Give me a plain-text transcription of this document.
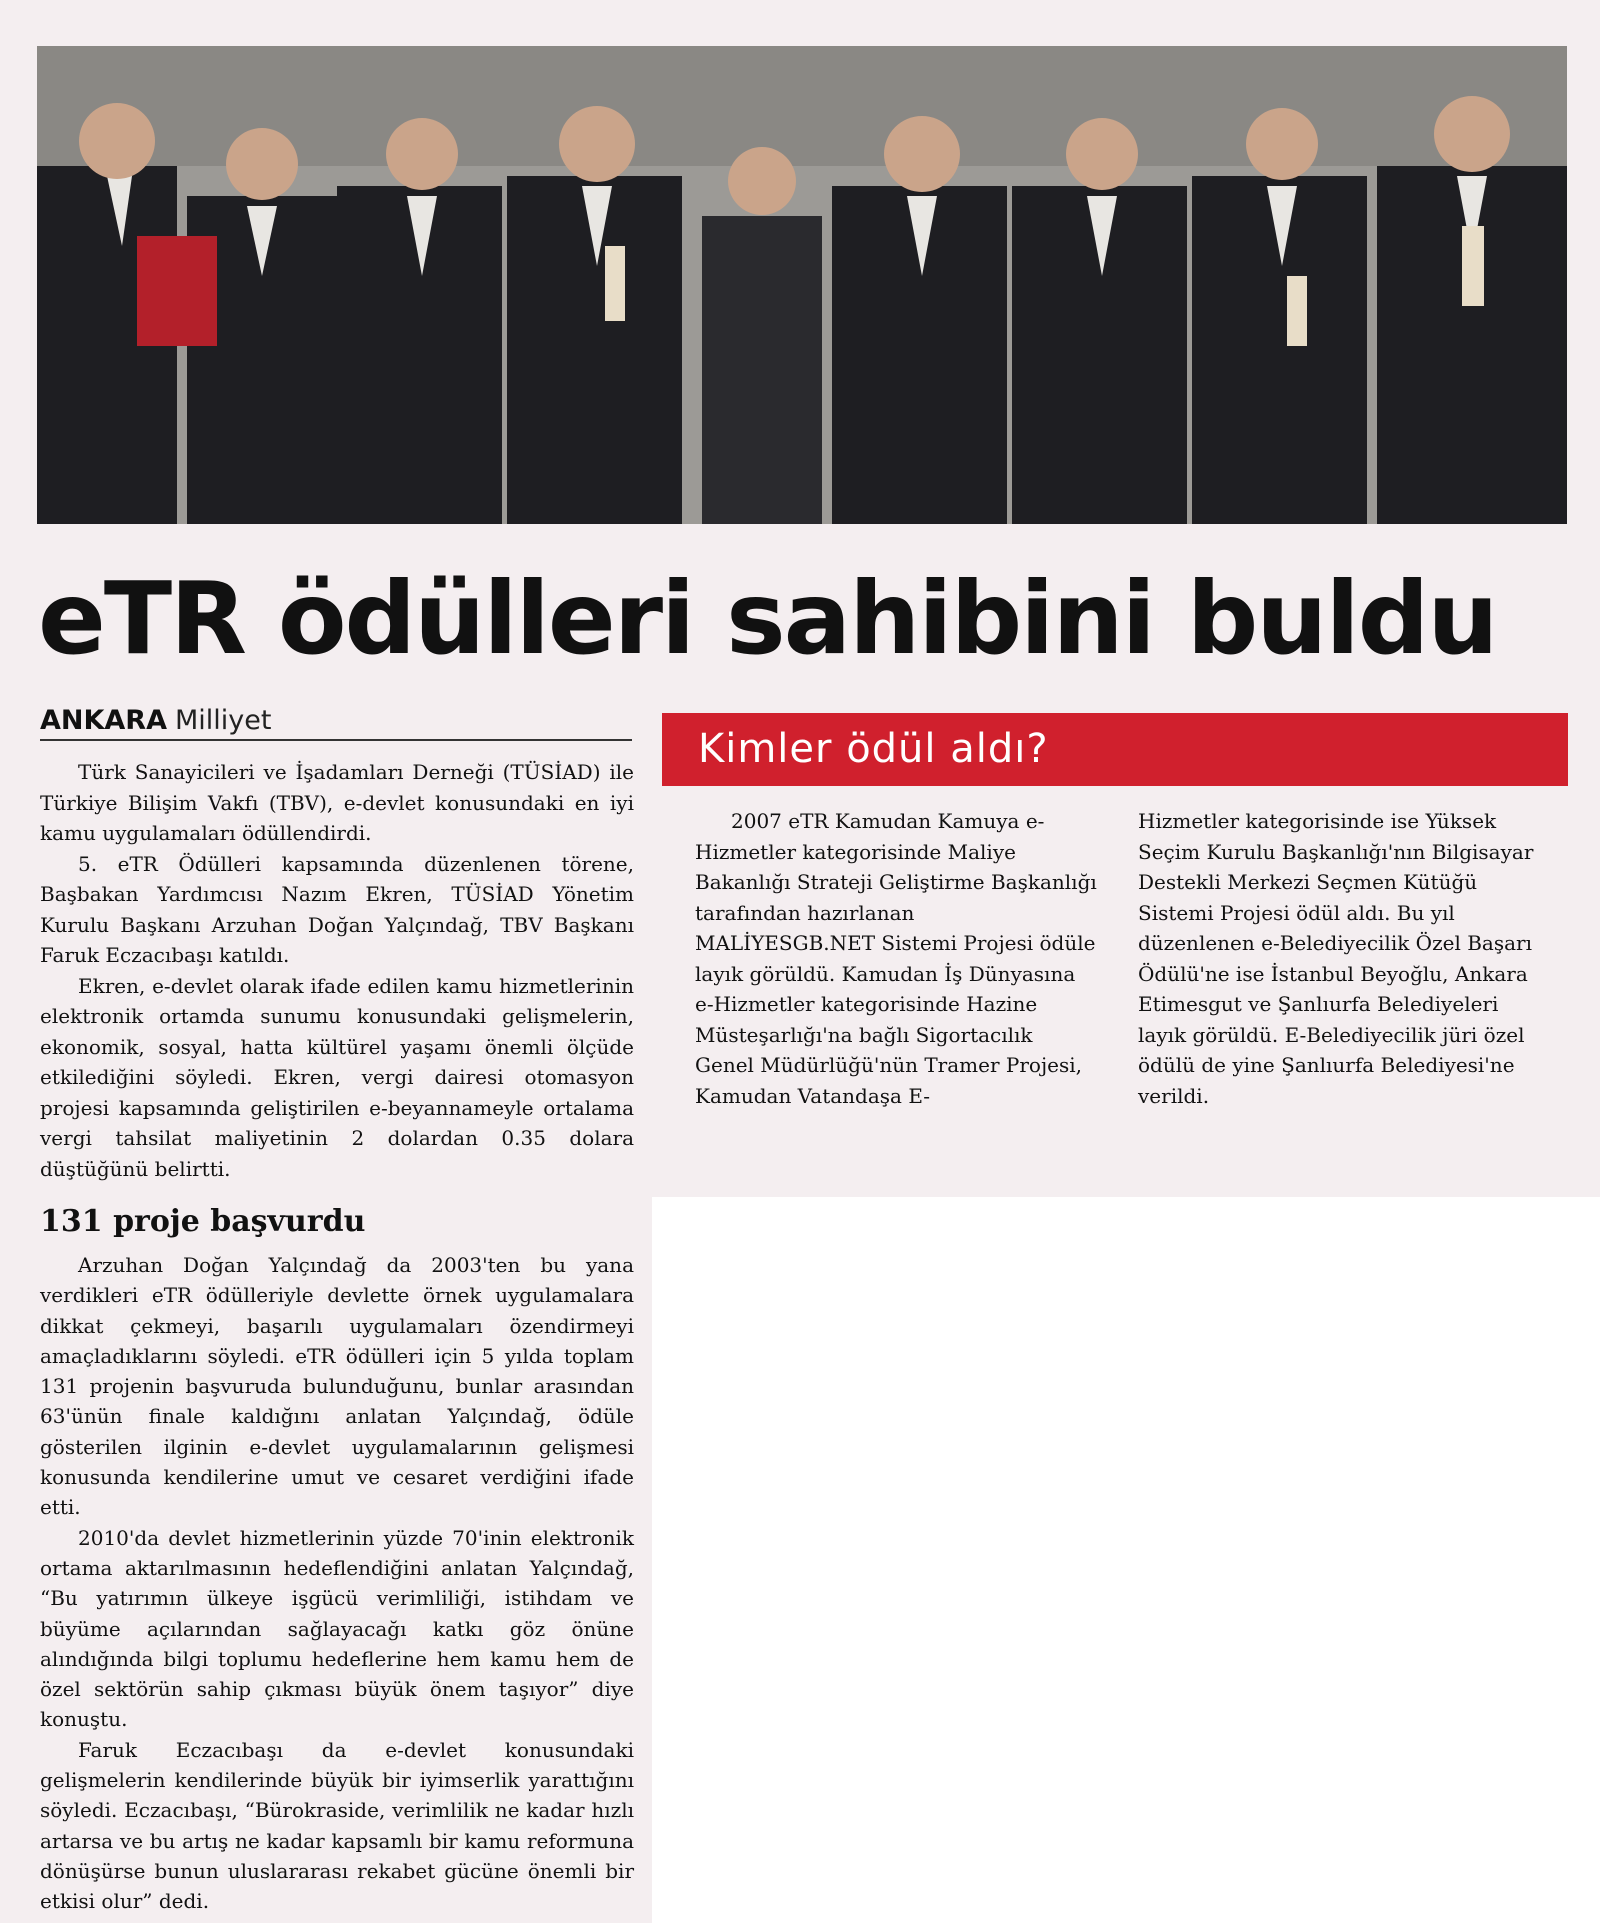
eTR ödülleri sahibini buldu
ANKARA Milliyet

Türk Sanayicileri ve İşadamları Derneği (TÜSİAD) ile Türkiye Bilişim Vakfı (TBV), e-devlet konusundaki en iyi kamu uygulamaları ödüllendirdi.

5. eTR Ödülleri kapsamında düzenlenen törene, Başbakan Yardımcısı Nazım Ekren, TÜSİAD Yönetim Kurulu Başkanı Arzuhan Doğan Yalçındağ, TBV Başkanı Faruk Eczacıbaşı katıldı.

Ekren, e-devlet olarak ifade edilen kamu hizmetlerinin elektronik ortamda sunumu konusundaki gelişmelerin, ekonomik, sosyal, hatta kültürel yaşamı önemli ölçüde etkilediğini söyledi. Ekren, vergi dairesi otomasyon projesi kapsamında geliştirilen e-beyannameyle ortalama vergi tahsilat maliyetinin 2 dolardan 0.35 dolara düştüğünü belirtti.

131 proje başvurdu

Arzuhan Doğan Yalçındağ da 2003'ten bu yana verdikleri eTR ödülleriyle devlette örnek uygulamalara dikkat çekmeyi, başarılı uygulamaları özendirmeyi amaçladıklarını söyledi. eTR ödülleri için 5 yılda toplam 131 projenin başvuruda bulunduğunu, bunlar arasından 63'ünün finale kaldığını anlatan Yalçındağ, ödüle gösterilen ilginin e-devlet uygulamalarının gelişmesi konusunda kendilerine umut ve cesaret verdiğini ifade etti.

2010'da devlet hizmetlerinin yüzde 70'inin elektronik ortama aktarılmasının hedeflendiğini anlatan Yalçındağ, “Bu yatırımın ülkeye işgücü verimliliği, istihdam ve büyüme açılarından sağlayacağı katkı göz önüne alındığında bilgi toplumu hedeflerine hem kamu hem de özel sektörün sahip çıkması büyük önem taşıyor” diye konuştu.

Faruk Eczacıbaşı da e-devlet konusundaki gelişmelerin kendilerinde büyük bir iyimserlik yarattığını söyledi. Eczacıbaşı, “Bürokraside, verimlilik ne kadar hızlı artarsa ve bu artış ne kadar kapsamlı bir kamu reformuna dönüşürse bunun uluslararası rekabet gücüne önemli bir etkisi olur” dedi.

Kimler ödül aldı?

2007 eTR Kamudan Kamuya e-Hizmetler kategorisinde Maliye Bakanlığı Strateji Geliştirme Başkanlığı tarafından hazırlanan MALİYESGB.NET Sistemi Projesi ödüle layık görüldü. Kamudan İş Dünyasına e-Hizmetler kategorisinde Hazine Müsteşarlığı'na bağlı Sigortacılık Genel Müdürlüğü'nün Tramer Projesi, Kamudan Vatandaşa E-

Hizmetler kategorisinde ise Yüksek Seçim Kurulu Başkanlığı'nın Bilgisayar Destekli Merkezi Seçmen Kütüğü Sistemi Projesi ödül aldı. Bu yıl düzenlenen e-Belediyecilik Özel Başarı Ödülü'ne ise İstanbul Beyoğlu, Ankara Etimesgut ve Şanlıurfa Belediyeleri layık görüldü. E-Belediyecilik jüri özel ödülü de yine Şanlıurfa Belediyesi'ne verildi.
